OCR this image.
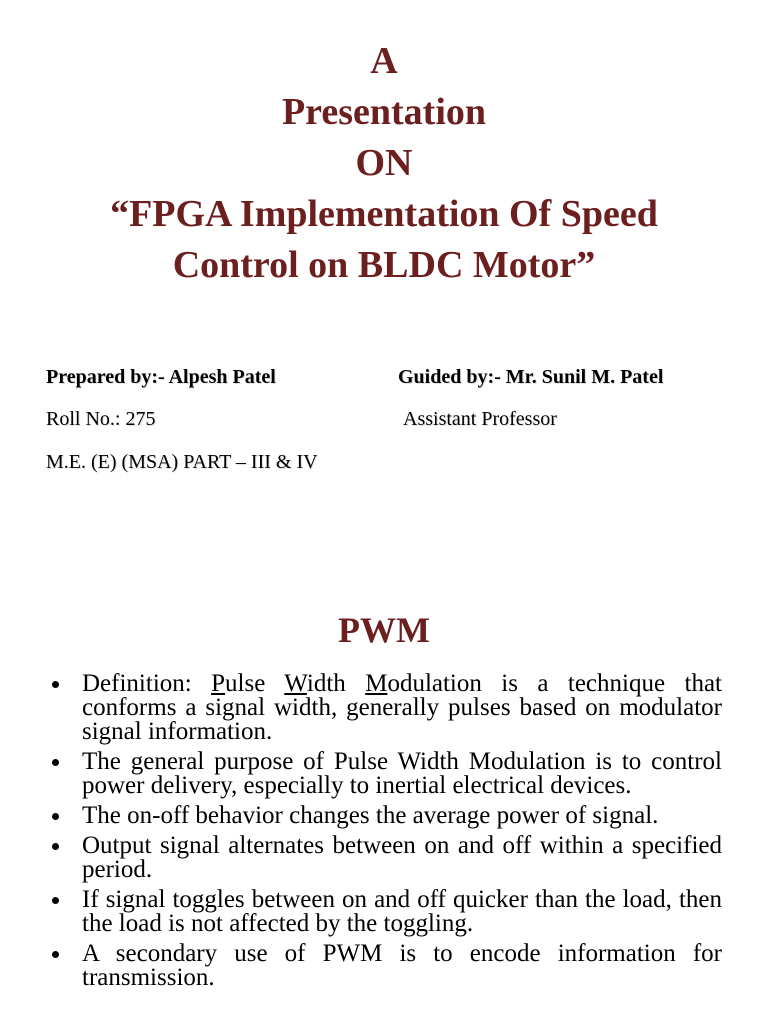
A
Presentation
ON
“FPGA Implementation Of Speed
Control on BLDC Motor”
Prepared by:- Alpesh Patel	Guided by:- Mr. Sunil M. Patel
Roll No.: 275	Assistant Professor
M.E. (E) (MSA) PART – III & IV
PWM
Definition: Pulse Width Modulation is a technique that conforms a signal width, generally pulses based on modulator signal information.
The general purpose of Pulse Width Modulation is to control power delivery, especially to inertial electrical devices.
The on-off behavior changes the average power of signal.
Output signal alternates between on and off within a specified period.
If signal toggles between on and off quicker than the load, then the load is not affected by the toggling.
A secondary use of PWM is to encode information for transmission.
